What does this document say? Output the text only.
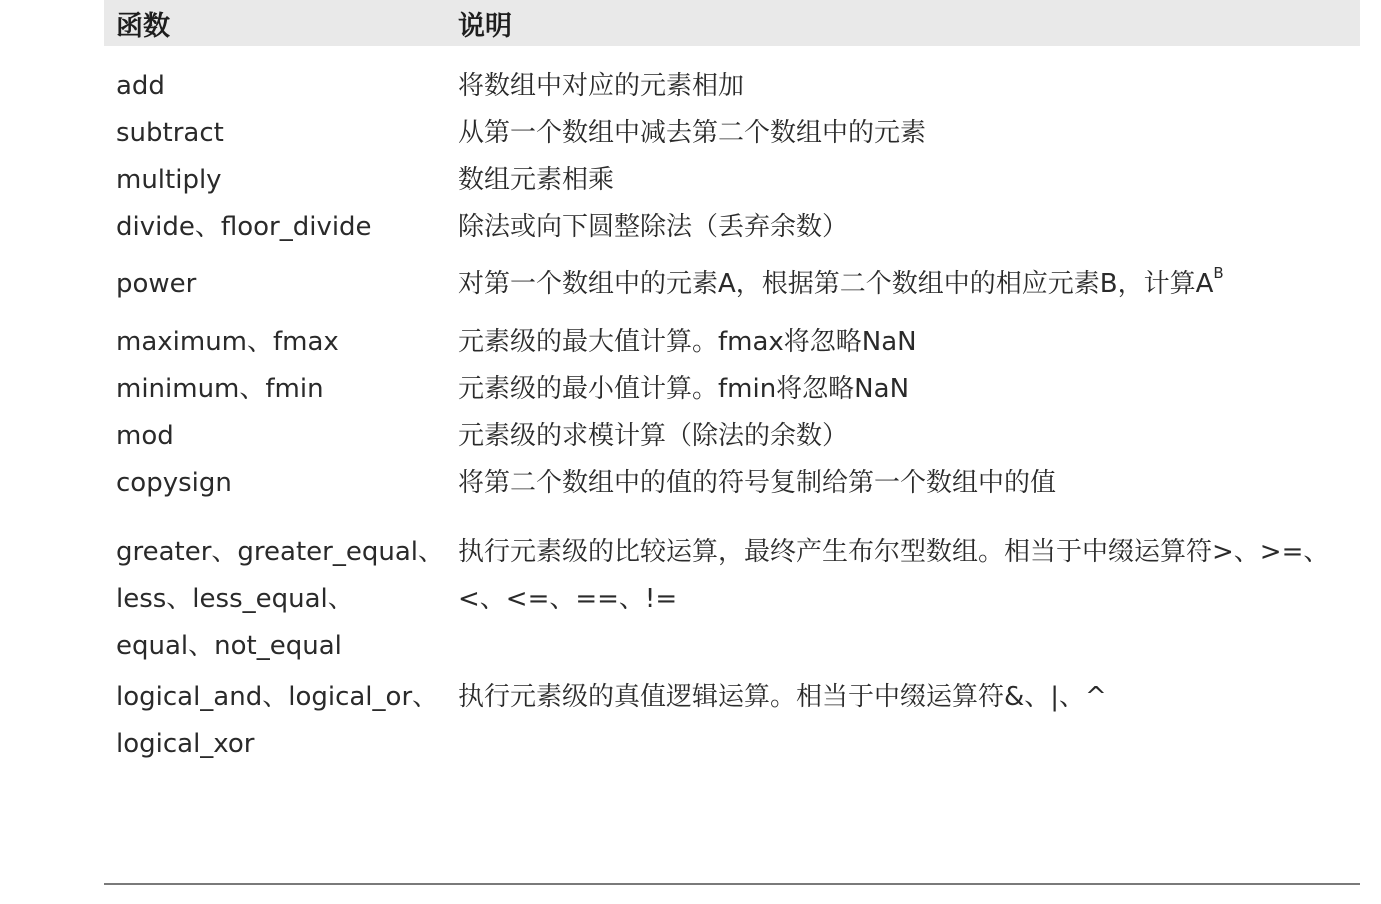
函数	说明
add	将数组中对应的元素相加
subtract	从第一个数组中减去第二个数组中的元素
multiply	数组元素相乘
divide、floor_divide	除法或向下圆整除法（丢弃余数）
power	对第一个数组中的元素A，根据第二个数组中的相应元素B，计算$A^B$
maximum、fmax	元素级的最大值计算。fmax将忽略NaN
minimum、fmin	元素级的最小值计算。fmin将忽略NaN
mod	元素级的求模计算（除法的余数）
copysign	将第二个数组中的值的符号复制给第一个数组中的值
greater、greater_equal、less、less_equal、equal、not_equal	执行元素级的比较运算，最终产生布尔型数组。相当于中缀运算符>、>=、<、<=、==、!=
logical_and、logical_or、logical_xor	执行元素级的真值逻辑运算。相当于中缀运算符&、|、^
